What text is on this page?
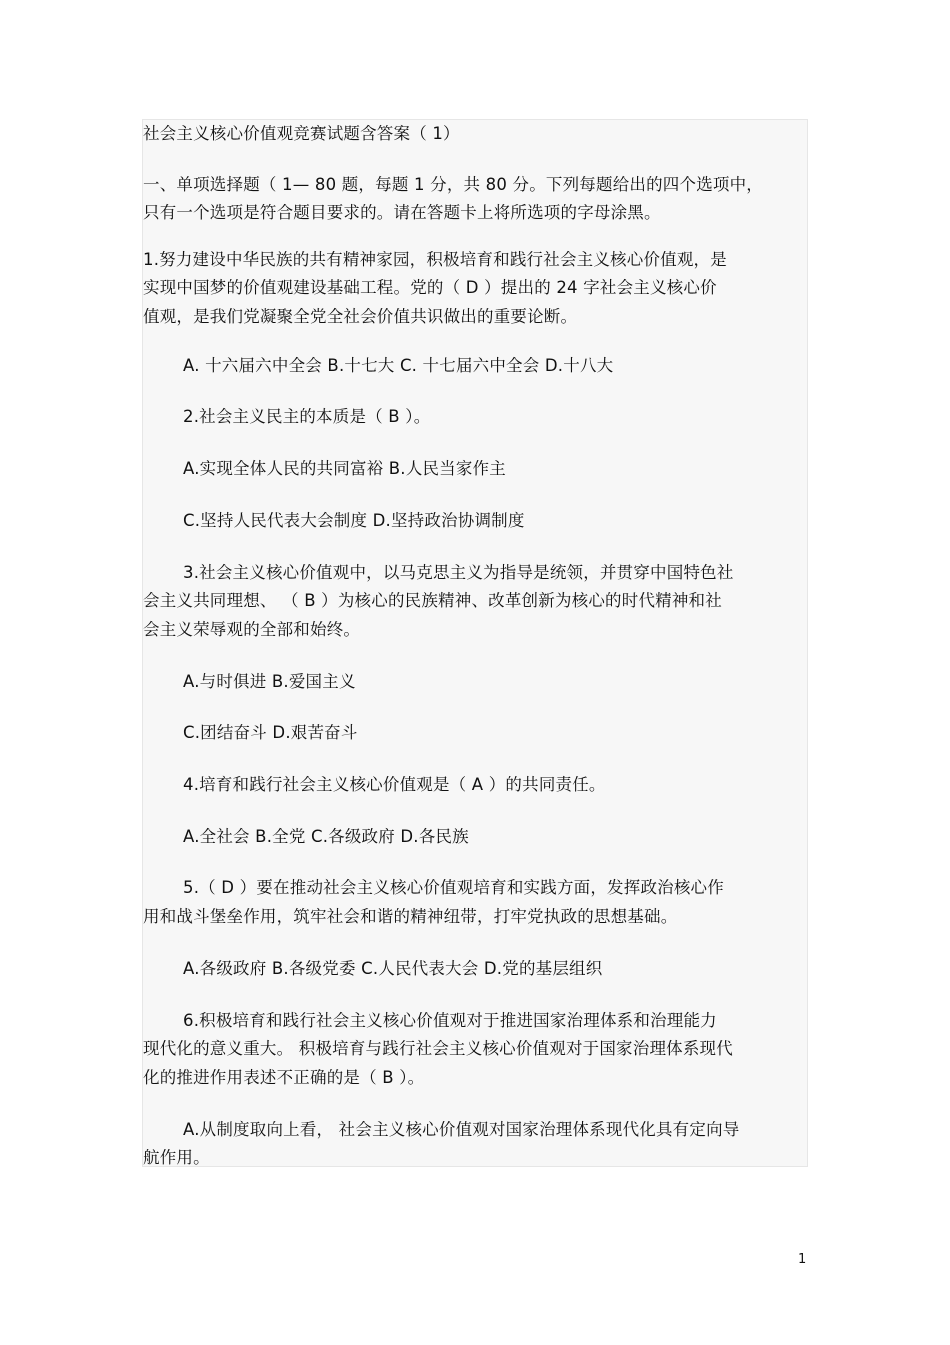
社会主义核心价值观竞赛试题含答案（ 1）
一、单项选择题（ 1— 80 题，每题 1 分，共 80 分。下列每题给出的四个选项中，
只有一个选项是符合题目要求的。请在答题卡上将所选项的字母涂黑。
1.努力建设中华民族的共有精神家园，积极培育和践行社会主义核心价值观，是
实现中国梦的价值观建设基础工程。党的（ D ）提出的 24 字社会主义核心价
值观，是我们党凝聚全党全社会价值共识做出的重要论断。
A. 十六届六中全会 B.十七大 C. 十七届六中全会 D.十八大
2.社会主义民主的本质是（ B ）。
A.实现全体人民的共同富裕 B.人民当家作主
C.坚持人民代表大会制度 D.坚持政治协调制度
3.社会主义核心价值观中，以马克思主义为指导是统领，并贯穿中国特色社
会主义共同理想、 （ B ）为核心的民族精神、改革创新为核心的时代精神和社
会主义荣辱观的全部和始终。
A.与时俱进 B.爱国主义
C.团结奋斗 D.艰苦奋斗
4.培育和践行社会主义核心价值观是（ A ）的共同责任。
A.全社会 B.全党 C.各级政府 D.各民族
5.（ D ）要在推动社会主义核心价值观培育和实践方面，发挥政治核心作
用和战斗堡垒作用，筑牢社会和谐的精神纽带，打牢党执政的思想基础。
A.各级政府 B.各级党委 C.人民代表大会 D.党的基层组织
6.积极培育和践行社会主义核心价值观对于推进国家治理体系和治理能力
现代化的意义重大。 积极培育与践行社会主义核心价值观对于国家治理体系现代
化的推进作用表述不正确的是（ B ）。
A.从制度取向上看， 社会主义核心价值观对国家治理体系现代化具有定向导
航作用。
1
